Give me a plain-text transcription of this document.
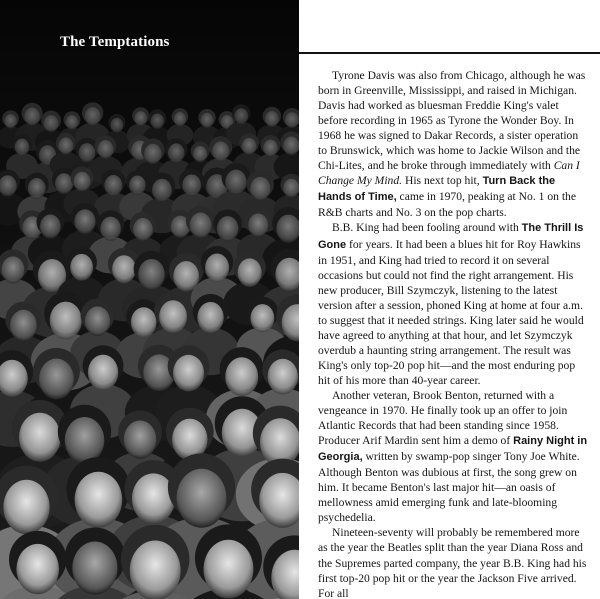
The Temptations

Tyrone Davis was also from Chicago, although he was born in Greenville, Mississippi, and raised in Michigan. Davis had worked as bluesman Freddie King's valet before recording in 1965 as Tyrone the Wonder Boy. In 1968 he was signed to Dakar Records, a sister operation to Brunswick, which was home to Jackie Wilson and the Chi-Lites, and he broke through immediately with Can I Change My Mind. His next top hit, Turn Back the Hands of Time, came in 1970, peaking at No. 1 on the R&B charts and No. 3 on the pop charts.

B.B. King had been fooling around with The Thrill Is Gone for years. It had been a blues hit for Roy Hawkins in 1951, and King had tried to record it on several occasions but could not find the right arrangement. His new producer, Bill Szymczyk, listening to the latest version after a session, phoned King at home at four a.m. to suggest that it needed strings. King later said he would have agreed to anything at that hour, and let Szymczyk overdub a haunting string arrangement. The result was King's only top-20 pop hit—and the most enduring pop hit of his more than 40-year career.

Another veteran, Brook Benton, returned with a vengeance in 1970. He finally took up an offer to join Atlantic Records that had been standing since 1958. Producer Arif Mardin sent him a demo of Rainy Night in Georgia, written by swamp-pop singer Tony Joe White. Although Benton was dubious at first, the song grew on him. It became Benton's last major hit—an oasis of mellowness amid emerging funk and late-blooming psychedelia.

Nineteen-seventy will probably be remembered more as the year the Beatles split than the year Diana Ross and the Supremes parted company, the year B.B. King had his first top-20 pop hit or the year the Jackson Five arrived. For all
